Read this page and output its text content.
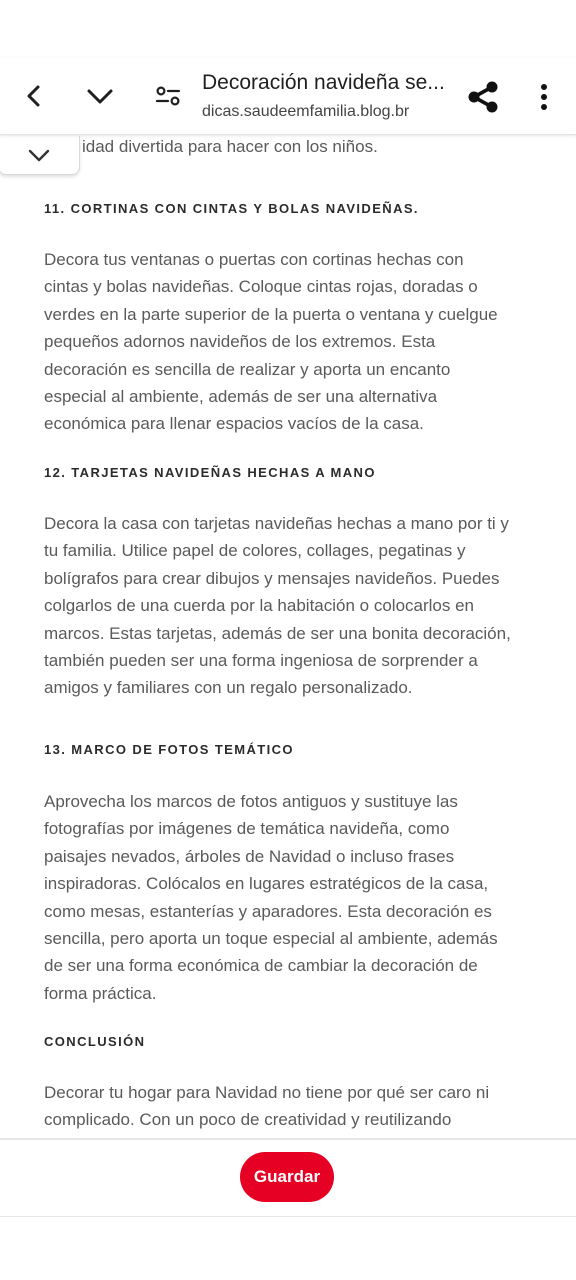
Decoración navideña se...
dicas.saudeemfamilia.blog.br
idad divertida para hacer con los niños.

11. CORTINAS CON CINTAS Y BOLAS NAVIDEÑAS.

Decora tus ventanas o puertas con cortinas hechas con
cintas y bolas navideñas. Coloque cintas rojas, doradas o
verdes en la parte superior de la puerta o ventana y cuelgue
pequeños adornos navideños de los extremos. Esta
decoración es sencilla de realizar y aporta un encanto
especial al ambiente, además de ser una alternativa
económica para llenar espacios vacíos de la casa.

12. TARJETAS NAVIDEÑAS HECHAS A MANO

Decora la casa con tarjetas navideñas hechas a mano por ti y
tu familia. Utilice papel de colores, collages, pegatinas y
bolígrafos para crear dibujos y mensajes navideños. Puedes
colgarlos de una cuerda por la habitación o colocarlos en
marcos. Estas tarjetas, además de ser una bonita decoración,
también pueden ser una forma ingeniosa de sorprender a
amigos y familiares con un regalo personalizado.

13. MARCO DE FOTOS TEMÁTICO

Aprovecha los marcos de fotos antiguos y sustituye las
fotografías por imágenes de temática navideña, como
paisajes nevados, árboles de Navidad o incluso frases
inspiradoras. Colócalos en lugares estratégicos de la casa,
como mesas, estanterías y aparadores. Esta decoración es
sencilla, pero aporta un toque especial al ambiente, además
de ser una forma económica de cambiar la decoración de
forma práctica.

CONCLUSIÓN

Decorar tu hogar para Navidad no tiene por qué ser caro ni
complicado. Con un poco de creatividad y reutilizando
Guardar
